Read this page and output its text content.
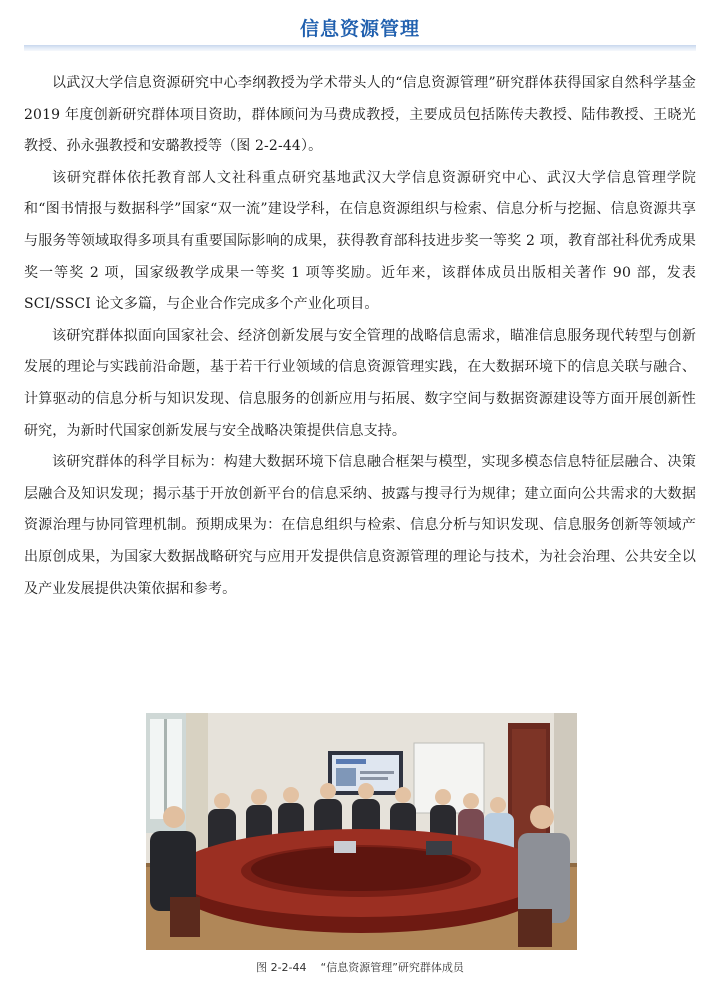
信息资源管理

以武汉大学信息资源研究中心李纲教授为学术带头人的“信息资源管理”研究群体获得国家自然科学基金 2019 年度创新研究群体项目资助，群体顾问为马费成教授，主要成员包括陈传夫教授、陆伟教授、王晓光教授、孙永强教授和安璐教授等（图 2-2-44）。

该研究群体依托教育部人文社科重点研究基地武汉大学信息资源研究中心、武汉大学信息管理学院和“图书情报与数据科学”国家“双一流”建设学科，在信息资源组织与检索、信息分析与挖掘、信息资源共享与服务等领域取得多项具有重要国际影响的成果，获得教育部科技进步奖一等奖 2 项，教育部社科优秀成果奖一等奖 2 项，国家级教学成果一等奖 1 项等奖励。近年来，该群体成员出版相关著作 90 部，发表 SCI/SSCI 论文多篇，与企业合作完成多个产业化项目。

该研究群体拟面向国家社会、经济创新发展与安全管理的战略信息需求，瞄准信息服务现代转型与创新发展的理论与实践前沿命题，基于若干行业领域的信息资源管理实践，在大数据环境下的信息关联与融合、计算驱动的信息分析与知识发现、信息服务的创新应用与拓展、数字空间与数据资源建设等方面开展创新性研究，为新时代国家创新发展与安全战略决策提供信息支持。

该研究群体的科学目标为：构建大数据环境下信息融合框架与模型，实现多模态信息特征层融合、决策层融合及知识发现；揭示基于开放创新平台的信息采纳、披露与搜寻行为规律；建立面向公共需求的大数据资源治理与协同管理机制。预期成果为：在信息组织与检索、信息分析与知识发现、信息服务创新等领域产出原创成果，为国家大数据战略研究与应用开发提供信息资源管理的理论与技术，为社会治理、公共安全以及产业发展提供决策依据和参考。

图 2-2-44 “信息资源管理”研究群体成员
